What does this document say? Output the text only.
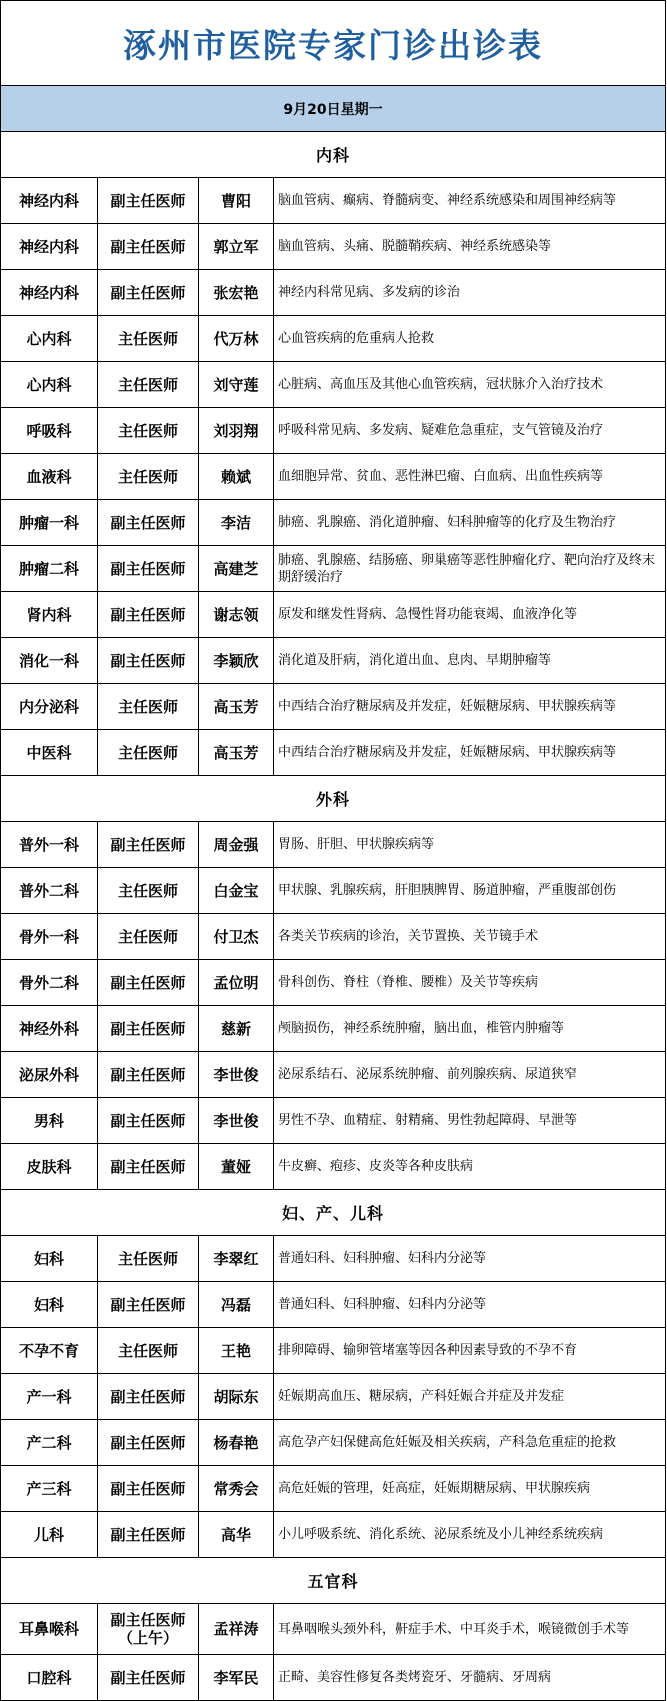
涿州市医院专家门诊出诊表			
9月20日星期一			
内科			
神经内科	副主任医师	曹阳	脑血管病、癫病、脊髓病变、神经系统感染和周围神经病等
神经内科	副主任医师	郭立军	脑血管病、头痛、脱髓鞘疾病、神经系统感染等
神经内科	副主任医师	张宏艳	神经内科常见病、多发病的诊治
心内科	主任医师	代万林	心血管疾病的危重病人抢救
心内科	主任医师	刘守莲	心脏病、高血压及其他心血管疾病，冠状脉介入治疗技术
呼吸科	主任医师	刘羽翔	呼吸科常见病、多发病、疑难危急重症，支气管镜及治疗
血液科	主任医师	赖斌	血细胞异常、贫血、恶性淋巴瘤、白血病、出血性疾病等
肿瘤一科	副主任医师	李洁	肺癌、乳腺癌、消化道肿瘤、妇科肿瘤等的化疗及生物治疗
肿瘤二科	副主任医师	高建芝	肺癌、乳腺癌、结肠癌、卵巢癌等恶性肿瘤化疗、靶向治疗及终末期舒缓治疗
肾内科	副主任医师	谢志领	原发和继发性肾病、急慢性肾功能衰竭、血液净化等
消化一科	副主任医师	李颖欣	消化道及肝病，消化道出血、息肉、早期肿瘤等
内分泌科	主任医师	高玉芳	中西结合治疗糖尿病及并发症，妊娠糖尿病、甲状腺疾病等
中医科	主任医师	高玉芳	中西结合治疗糖尿病及并发症，妊娠糖尿病、甲状腺疾病等
外科			
普外一科	副主任医师	周金强	胃肠、肝胆、甲状腺疾病等
普外二科	主任医师	白金宝	甲状腺、乳腺疾病，肝胆胰脾胃、肠道肿瘤，严重腹部创伤
骨外一科	主任医师	付卫杰	各类关节疾病的诊治，关节置换、关节镜手术
骨外二科	副主任医师	孟位明	骨科创伤、脊柱（脊椎、腰椎）及关节等疾病
神经外科	副主任医师	慈新	颅脑损伤，神经系统肿瘤，脑出血，椎管内肿瘤等
泌尿外科	副主任医师	李世俊	泌尿系结石、泌尿系统肿瘤、前列腺疾病、尿道狭窄
男科	副主任医师	李世俊	男性不孕、血精症、射精痛、男性勃起障碍、早泄等
皮肤科	副主任医师	董娅	牛皮癣、疱疹、皮炎等各种皮肤病
妇、产、儿科			
妇科	主任医师	李翠红	普通妇科、妇科肿瘤、妇科内分泌等
妇科	副主任医师	冯磊	普通妇科、妇科肿瘤、妇科内分泌等
不孕不育	主任医师	王艳	排卵障碍、输卵管堵塞等因各种因素导致的不孕不育
产一科	副主任医师	胡际东	妊娠期高血压、糖尿病，产科妊娠合并症及并发症
产二科	副主任医师	杨春艳	高危孕产妇保健高危妊娠及相关疾病，产科急危重症的抢救
产三科	副主任医师	常秀会	高危妊娠的管理，妊高症，妊娠期糖尿病、甲状腺疾病
儿科	副主任医师	高华	小儿呼吸系统、消化系统、泌尿系统及小儿神经系统疾病
五官科			
耳鼻喉科	副主任医师（上午）	孟祥涛	耳鼻咽喉头颈外科，鼾症手术、中耳炎手术，喉镜微创手术等
口腔科	副主任医师	李军民	正畸、美容性修复各类烤瓷牙、牙髓病、牙周病
